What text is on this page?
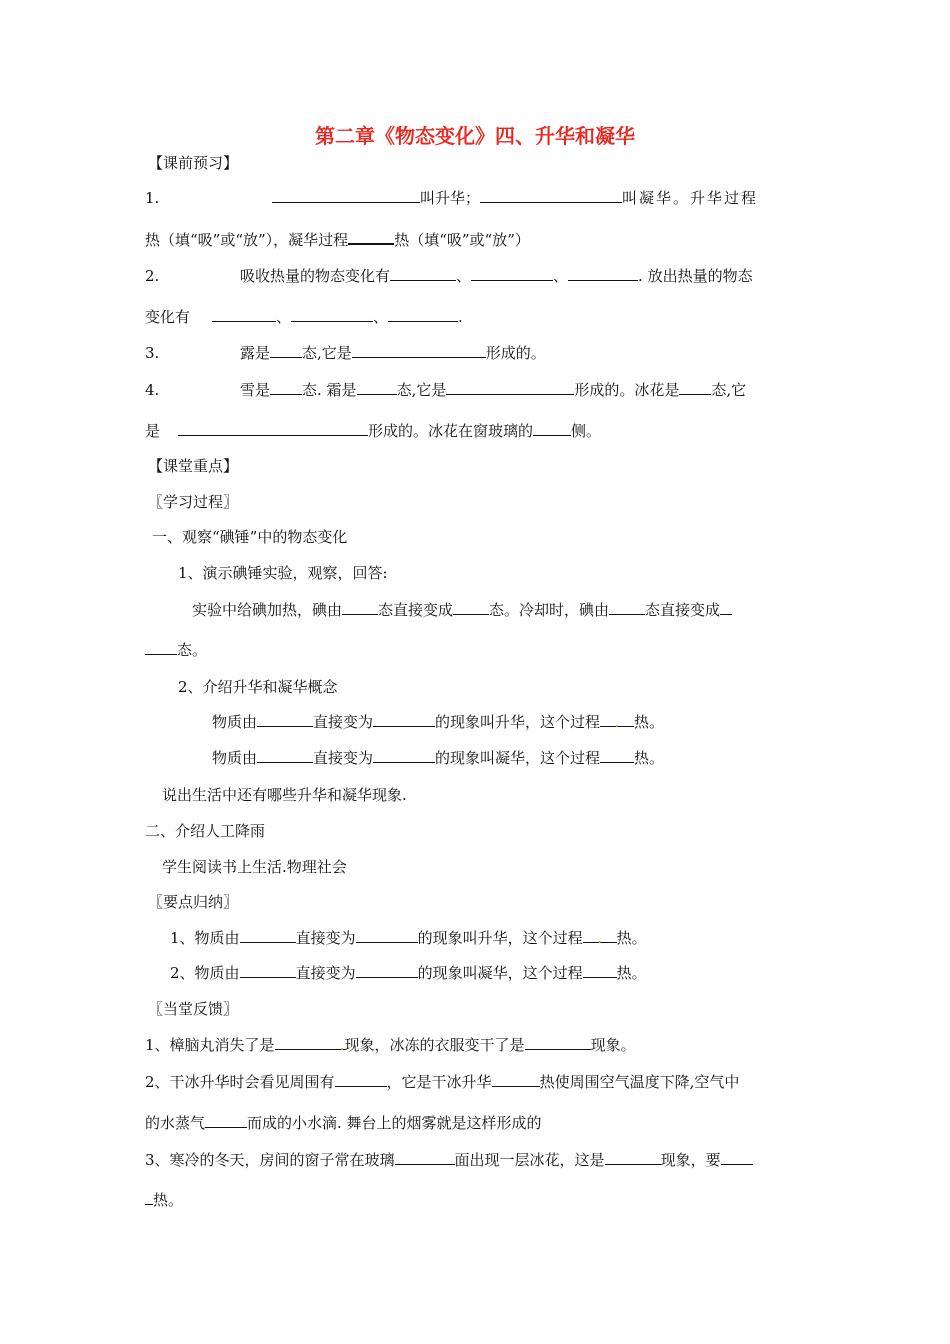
第二章《物态变化》四、升华和凝华
【课前预习】
1.	叫升华；	叫凝华。升华过程
热（填“吸”或“放”），凝华过程	热（填“吸”或“放”）
2.	吸收热量的物态变化有	、	、	. 放出热量的物态
变化有	、	、	.
3.	露是 态,它是	形成的。
4.	雪是 态. 霜是	态,它是	形成的。冰花是 态,它
是	形成的。冰花在窗玻璃的	侧。
【课堂重点】
〖学习过程〗
一、观察“碘锤”中的物态变化
1、演示碘锤实验，观察，回答:
实验中给碘加热，碘由 态直接变成 态。冷却时，碘由 态直接变成
态。
2、介绍升华和凝华概念
物质由	直接变为	的现象叫升华，这个过程 . 热。
物质由	直接变为	的现象叫凝华，这个过程 热。
说出生活中还有哪些升华和凝华现象.
二、介绍人工降雨
学生阅读书上生活.物理社会
〖要点归纳〗
1、物质由	直接变为	的现象叫升华，这个过程 . 热。
2、物质由	直接变为	的现象叫凝华，这个过程 热。
〖当堂反馈〗
1、樟脑丸消失了是	.现象，冰冻的衣服变干了是	现象。
2、干冰升华时会看见周围有	，它是干冰升华	热使周围空气温度下降,空气中
的水蒸气	而成的小水滴. 舞台上的烟雾就是这样形成的
3、寒冷的冬天，房间的窗子常在玻璃	面出现一层冰花，这是	现象，要
热。
